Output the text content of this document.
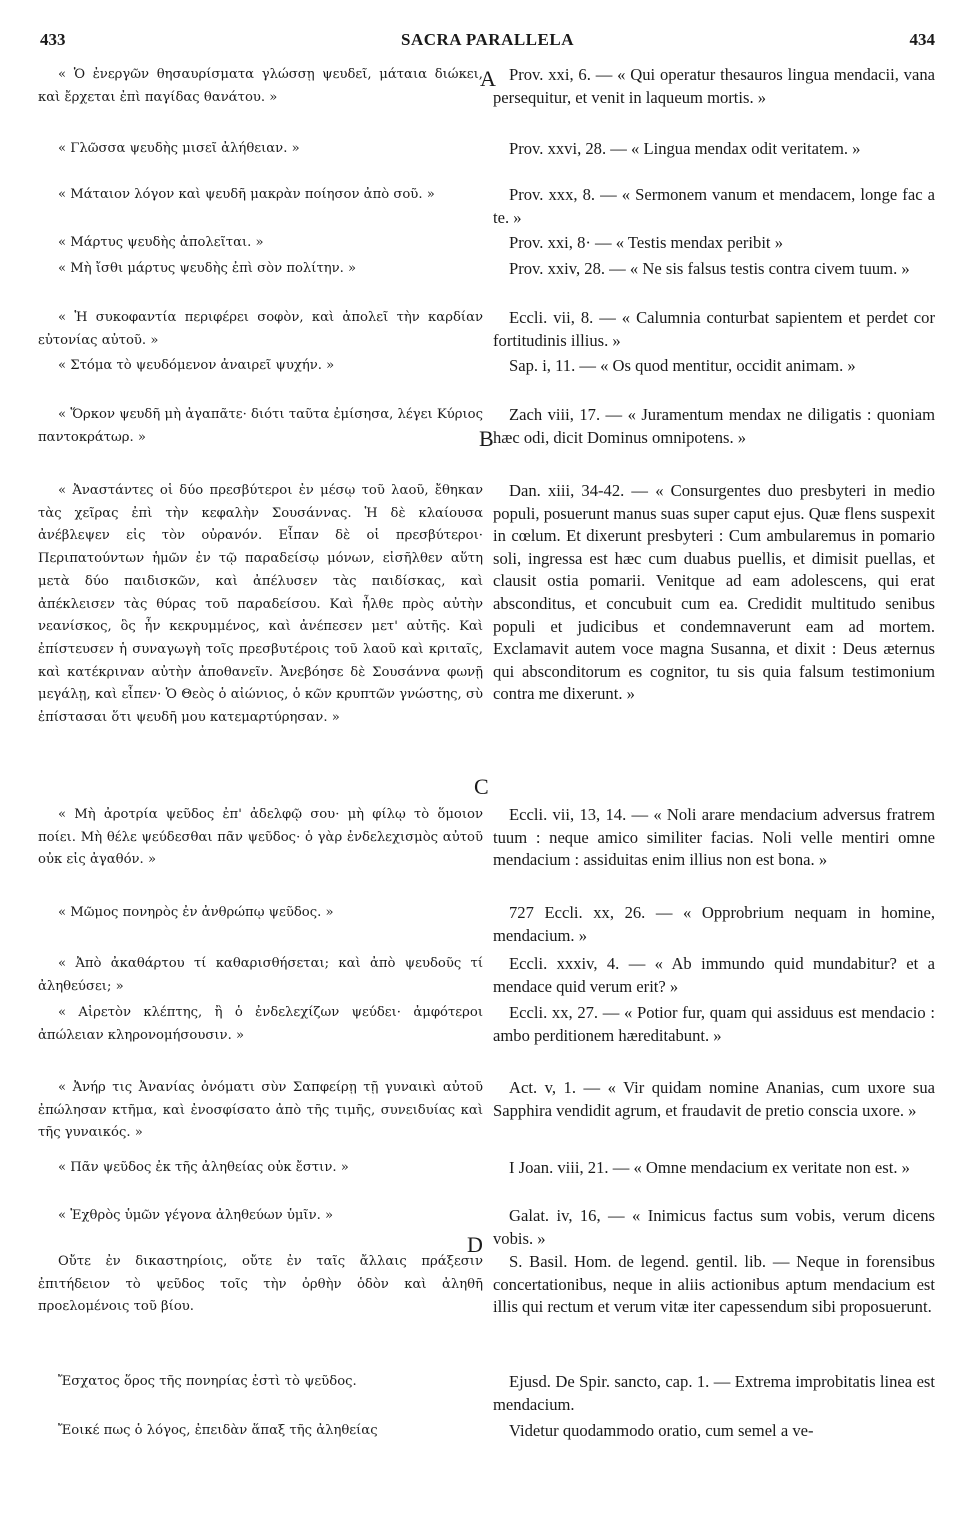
433	SACRA PARALLELA	434
A
B
C
D
« Ὁ ἐνεργῶν θησαυρίσματα γλώσσῃ ψευδεῖ, μάταια διώκει, καὶ ἔρχεται ἐπὶ παγίδας θανάτου. »
« Γλῶσσα ψευδὴς μισεῖ ἀλήθειαν. »
« Μάταιον λόγον καὶ ψευδῆ μακρὰν ποίησον ἀπὸ σοῦ. »
« Μάρτυς ψευδὴς ἀπολεῖται. »
« Μὴ ἴσθι μάρτυς ψευδὴς ἐπὶ σὸν πολίτην. »
« Ἡ συκοφαντία περιφέρει σοφὸν, καὶ ἀπολεῖ τὴν καρδίαν εὐτονίας αὐτοῦ. »
« Στόμα τὸ ψευδόμενον ἀναιρεῖ ψυχήν. »
« Ὅρκον ψευδῆ μὴ ἀγαπᾶτε· διότι ταῦτα ἐμίσησα, λέγει Κύριος παντοκράτωρ. »
« Ἀναστάντες οἱ δύο πρεσβύτεροι ἐν μέσῳ τοῦ λαοῦ, ἔθηκαν τὰς χεῖρας ἐπὶ τὴν κεφαλὴν Σουσάννας. Ἡ δὲ κλαίουσα ἀνέβλεψεν εἰς τὸν οὐρανόν. Εἶπαν δὲ οἱ πρεσβύτεροι· Περιπατούντων ἡμῶν ἐν τῷ παραδείσῳ μόνων, εἰσῆλθεν αὕτη μετὰ δύο παιδισκῶν, καὶ ἀπέλυσεν τὰς παιδίσκας, καὶ ἀπέκλεισεν τὰς θύρας τοῦ παραδείσου. Καὶ ἦλθε πρὸς αὐτὴν νεανίσκος, ὃς ἦν κεκρυμμένος, καὶ ἀνέπεσεν μετ' αὐτῆς. Καὶ ἐπίστευσεν ἡ συναγωγὴ τοῖς πρεσβυτέροις τοῦ λαοῦ καὶ κριταῖς, καὶ κατέκριναν αὐτὴν ἀποθανεῖν. Ἀνεβόησε δὲ Σουσάννα φωνῇ μεγάλῃ, καὶ εἶπεν· Ὁ Θεὸς ὁ αἰώνιος, ὁ κῶν κρυπτῶν γνώστης, σὺ ἐπίστασαι ὅτι ψευδῆ μου κατεμαρτύρησαν. »
« Μὴ ἀροτρία ψεῦδος ἐπ' ἀδελφῷ σου· μὴ φίλῳ τὸ ὅμοιον ποίει. Μὴ θέλε ψεύδεσθαι πᾶν ψεῦδος· ὁ γὰρ ἐνδελεχισμὸς αὐτοῦ οὐκ εἰς ἀγαθόν. »
« Μῶμος πονηρὸς ἐν ἀνθρώπῳ ψεῦδος. »
« Ἀπὸ ἀκαθάρτου τί καθαρισθήσεται; καὶ ἀπὸ ψευδοῦς τί ἀληθεύσει; »
« Αἱρετὸν κλέπτης, ἢ ὁ ἐνδελεχίζων ψεύδει· ἀμφότεροι ἀπώλειαν κληρονομήσουσιν. »
« Ἀνήρ τις Ἀνανίας ὀνόματι σὺν Σαπφείρῃ τῇ γυναικὶ αὐτοῦ ἐπώλησαν κτῆμα, καὶ ἐνοσφίσατο ἀπὸ τῆς τιμῆς, συνειδυίας καὶ τῆς γυναικός. »
« Πᾶν ψεῦδος ἐκ τῆς ἀληθείας οὐκ ἔστιν. »
« Ἐχθρὸς ὑμῶν γέγονα ἀληθεύων ὑμῖν. »
Οὔτε ἐν δικαστηρίοις, οὔτε ἐν ταῖς ἄλλαις πράξεσιν ἐπιτήδειον τὸ ψεῦδος τοῖς τὴν ὀρθὴν ὁδὸν καὶ ἀληθῆ προελομένοις τοῦ βίου.
Ἔσχατος ὅρος τῆς πονηρίας ἐστὶ τὸ ψεῦδος.
Ἔοικέ πως ὁ λόγος, ἐπειδὰν ἅπαξ τῆς ἀληθείας
Prov. xxi, 6. — « Qui operatur thesauros lingua mendacii, vana persequitur, et venit in laqueum mortis. »
Prov. xxvi, 28. — « Lingua mendax odit veritatem. »
Prov. xxx, 8. — « Sermonem vanum et mendacem, longe fac a te. »
Prov. xxi, 8· — « Testis mendax peribit »
Prov. xxiv, 28. — « Ne sis falsus testis contra civem tuum. »
Eccli. vii, 8. — « Calumnia conturbat sapientem et perdet cor fortitudinis illius. »
Sap. i, 11. — « Os quod mentitur, occidit animam. »
Zach viii, 17. — « Juramentum mendax ne diligatis : quoniam hæc odi, dicit Dominus omnipotens. »
Dan. xiii, 34-42. — « Consurgentes duo presbyteri in medio populi, posuerunt manus suas super caput ejus. Quæ flens suspexit in cœlum. Et dixerunt presbyteri : Cum ambularemus in pomario soli, ingressa est hæc cum duabus puellis, et dimisit puellas, et clausit ostia pomarii. Venitque ad eam adolescens, qui erat absconditus, et concubuit cum ea. Credidit multitudo senibus populi et judicibus et condemnaverunt eam ad mortem. Exclamavit autem voce magna Susanna, et dixit : Deus æternus qui absconditorum es cognitor, tu sis quia falsum testimonium contra me dixerunt. »
Eccli. vii, 13, 14. — « Noli arare mendacium adversus fratrem tuum : neque amico similiter facias. Noli velle mentiri omne mendacium : assiduitas enim illius non est bona. »
727 Eccli. xx, 26. — « Opprobrium nequam in homine, mendacium. »
Eccli. xxxiv, 4. — « Ab immundo quid mundabitur? et a mendace quid verum erit? »
Eccli. xx, 27. — « Potior fur, quam qui assiduus est mendacio : ambo perditionem hæreditabunt. »
Act. v, 1. — « Vir quidam nomine Ananias, cum uxore sua Sapphira vendidit agrum, et fraudavit de pretio conscia uxore. »
I Joan. viii, 21. — « Omne mendacium ex veritate non est. »
Galat. iv, 16, — « Inimicus factus sum vobis, verum dicens vobis. »
S. Basil. Hom. de legend. gentil. lib. — Neque in forensibus concertationibus, neque in aliis actionibus aptum mendacium est illis qui rectum et verum vitæ iter capessendum sibi proposuerunt.
Ejusd. De Spir. sancto, cap. 1. — Extrema improbitatis linea est mendacium.
Videtur quodammodo oratio, cum semel a ve-
